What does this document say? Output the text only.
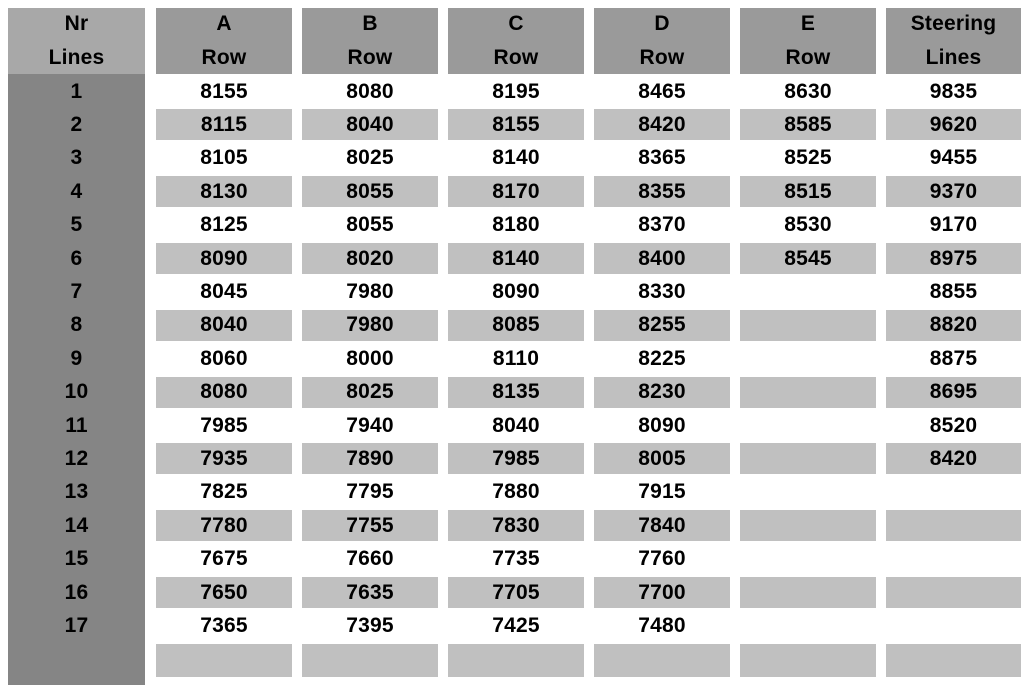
Nr
Lines
1
2
3
4
5
6
7
8
9
10
11
12
13
14
15
16
17
A
Row
8155
8115
8105
8130
8125
8090
8045
8040
8060
8080
7985
7935
7825
7780
7675
7650
7365
B
Row
8080
8040
8025
8055
8055
8020
7980
7980
8000
8025
7940
7890
7795
7755
7660
7635
7395
C
Row
8195
8155
8140
8170
8180
8140
8090
8085
8110
8135
8040
7985
7880
7830
7735
7705
7425
D
Row
8465
8420
8365
8355
8370
8400
8330
8255
8225
8230
8090
8005
7915
7840
7760
7700
7480
E
Row
8630
8585
8525
8515
8530
8545
Steering
Lines
9835
9620
9455
9370
9170
8975
8855
8820
8875
8695
8520
8420
